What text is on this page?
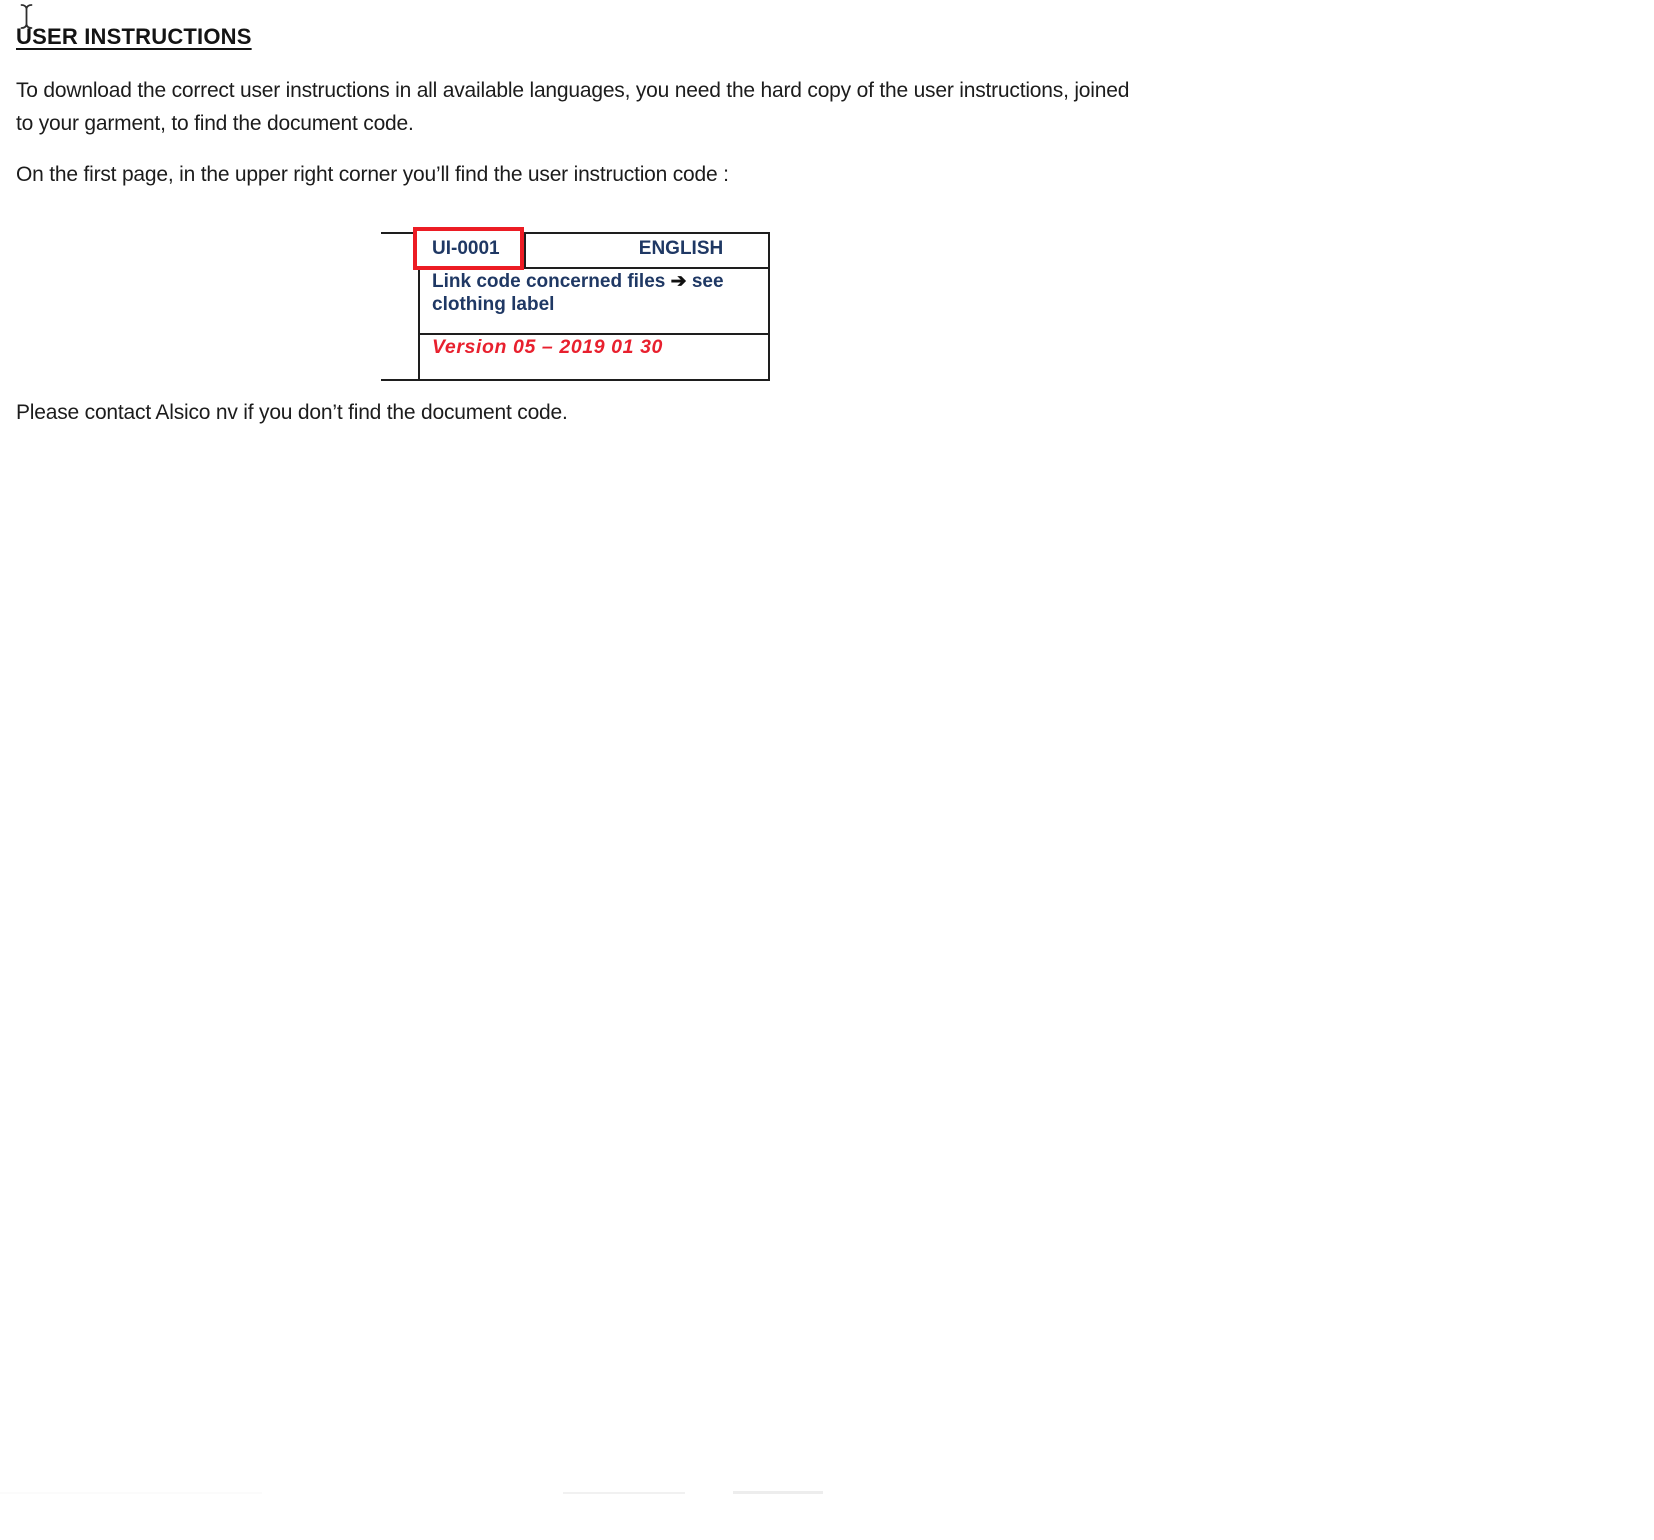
USER INSTRUCTIONS

To download the correct user instructions in all available languages, you need the hard copy of the user instructions, joined to your garment, to find the document code.

On the first page, in the upper right corner you’ll find the user instruction code :

UI-0001	ENGLISH
Link code concerned files ➔ see clothing label
Version 05 – 2019 01 30

Please contact Alsico nv if you don’t find the document code.
